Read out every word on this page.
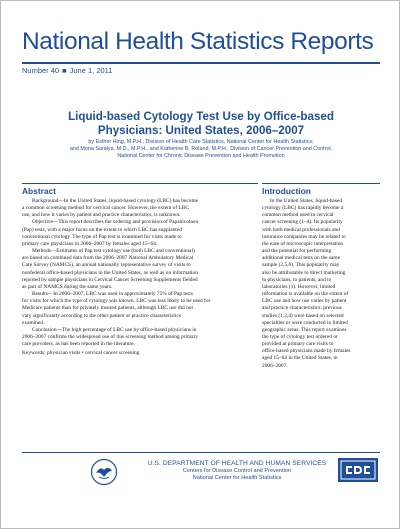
National Health Statistics Reports
Number 40 ■ June 1, 2011
Liquid-based Cytology Test Use by Office-based
Physicians: United States, 2006–2007
by Esther Hing, M.P.H., Division of Health Care Statistics, National Center for Health Statistics;
and Mona Saraiya, M.D., M.P.H., and Katherine B. Roland, M.P.H., Division of Cancer Prevention and Control,
National Center for Chronic Disease Prevention and Health Promotion
Abstract	Introduction

Background—In the United States, liquid-based cytology (LBC) has become

a common screening method for cervical cancer. However, the extent of LBC

use, and how it varies by patient and practice characteristics, is unknown.

Objective—This report describes the ordering and provision of Papanicolaou

(Pap) tests, with a major focus on the extent to which LBC has supplanted

conventional cytology. The type of Pap test is examined for visits made to

primary care physicians in 2006–2007 by females aged 15–64.

Methods—Estimates of Pap test cytology use (both LBC and conventional)

are based on combined data from the 2006–2007 National Ambulatory Medical

Care Survey (NAMCS), an annual nationally representative survey of visits to

nonfederal office-based physicians in the United States, as well as on information

reported by sample physicians in Cervical Cancer Screening Supplements fielded

as part of NAMCS during the same years.

Results—In 2006–2007, LBC was used in approximately 75% of Pap tests

for visits for which the type of cytology was known. LBC was less likely to be used for

Medicare patients than for privately insured patients, although LBC use did not

vary significantly according to the other patient or practice characteristics

examined.

Conclusion—The high percentage of LBC use by office-based physicians in

2006–2007 confirms the widespread use of this screening method among primary

care providers, as has been reported in the literature.

Keywords: physician visits • cervical cancer screening

In the United States, liquid-based

cytology (LBC) has rapidly become a

common method used in cervical

cancer screening (1–4). Its popularity

with both medical professionals and

insurance companies may be related to

the ease of microscopic interpretation

and the potential for performing

additional medical tests on the same

sample (2,5,6). This popularity may

also be attributable to direct marketing

to physicians, to patients, and to

laboratories (1). However, limited

information is available on the extent of

LBC use and how use varies by patient

and practice characteristics; previous

studies (1,3,4) were based on selected

specialties or were conducted in limited

geographic areas. This report examines

the type of cytology test ordered or

provided at primary care visits to

office-based physicians made by females

aged 15–64 in the United States, in

2006–2007.

U.S. DEPARTMENT OF HEALTH AND HUMAN SERVICES
Centers for Disease Control and Prevention
National Center for Health Statistics
